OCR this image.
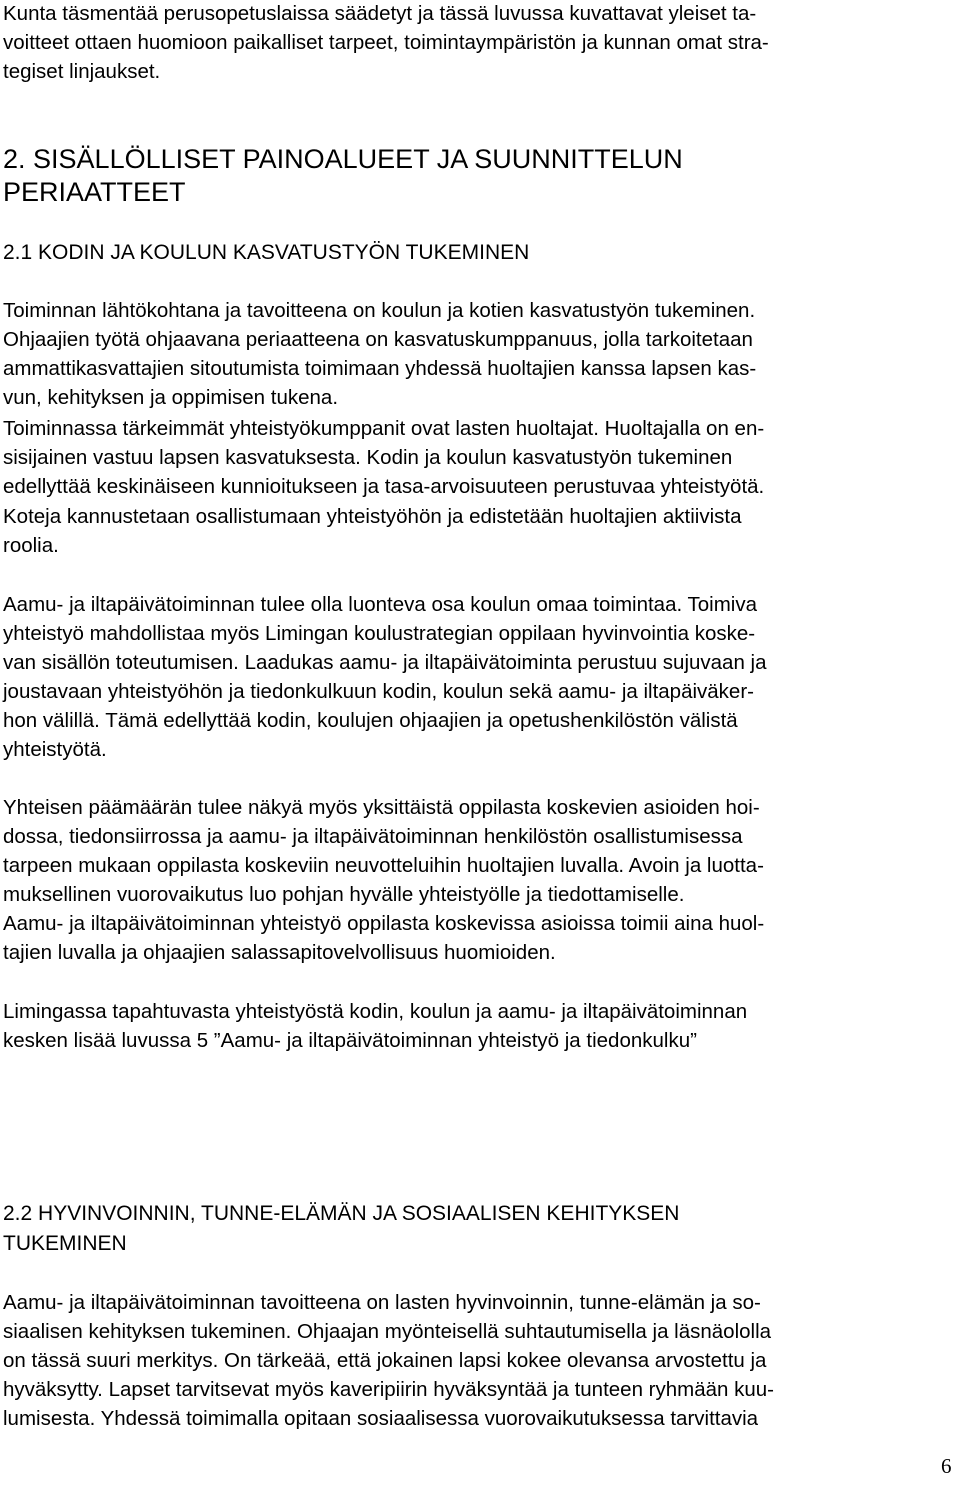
Kunta täsmentää perusopetuslaissa säädetyt ja tässä luvussa kuvattavat yleiset ta-
voitteet ottaen huomioon paikalliset tarpeet, toimintaympäristön ja kunnan omat stra-
tegiset linjaukset.
2. SISÄLLÖLLISET PAINOALUEET JA SUUNNITTELUN
PERIAATTEET
2.1 KODIN JA KOULUN KASVATUSTYÖN TUKEMINEN
Toiminnan lähtökohtana ja tavoitteena on koulun ja kotien kasvatustyön tukeminen.
Ohjaajien työtä ohjaavana periaatteena on kasvatuskumppanuus, jolla tarkoitetaan
ammattikasvattajien sitoutumista toimimaan yhdessä huoltajien kanssa lapsen kas-
vun, kehityksen ja oppimisen tukena.
Toiminnassa tärkeimmät yhteistyökumppanit ovat lasten huoltajat. Huoltajalla on en-
sisijainen vastuu lapsen kasvatuksesta. Kodin ja koulun kasvatustyön tukeminen
edellyttää keskinäiseen kunnioitukseen ja tasa-arvoisuuteen perustuvaa yhteistyötä.
Koteja kannustetaan osallistumaan yhteistyöhön ja edistetään huoltajien aktiivista
roolia.
Aamu- ja iltapäivätoiminnan tulee olla luonteva osa koulun omaa toimintaa. Toimiva
yhteistyö mahdollistaa myös Limingan koulustrategian oppilaan hyvinvointia koske-
van sisällön toteutumisen. Laadukas aamu- ja iltapäivätoiminta perustuu sujuvaan ja
joustavaan yhteistyöhön ja tiedonkulkuun kodin, koulun sekä aamu- ja iltapäiväker-
hon välillä. Tämä edellyttää kodin, koulujen ohjaajien ja opetushenkilöstön välistä
yhteistyötä.
Yhteisen päämäärän tulee näkyä myös yksittäistä oppilasta koskevien asioiden hoi-
dossa, tiedonsiirrossa ja aamu- ja iltapäivätoiminnan henkilöstön osallistumisessa
tarpeen mukaan oppilasta koskeviin neuvotteluihin huoltajien luvalla. Avoin ja luotta-
muksellinen vuorovaikutus luo pohjan hyvälle yhteistyölle ja tiedottamiselle.
Aamu- ja iltapäivätoiminnan yhteistyö oppilasta koskevissa asioissa toimii aina huol-
tajien luvalla ja ohjaajien salassapitovelvollisuus huomioiden.
Limingassa tapahtuvasta yhteistyöstä kodin, koulun ja aamu- ja iltapäivätoiminnan
kesken lisää luvussa 5 ”Aamu- ja iltapäivätoiminnan yhteistyö ja tiedonkulku”
2.2 HYVINVOINNIN, TUNNE-ELÄMÄN JA SOSIAALISEN KEHITYKSEN
TUKEMINEN
Aamu- ja iltapäivätoiminnan tavoitteena on lasten hyvinvoinnin, tunne-elämän ja so-
siaalisen kehityksen tukeminen. Ohjaajan myönteisellä suhtautumisella ja läsnäololla
on tässä suuri merkitys. On tärkeää, että jokainen lapsi kokee olevansa arvostettu ja
hyväksytty. Lapset tarvitsevat myös kaveripiirin hyväksyntää ja tunteen ryhmään kuu-
lumisesta. Yhdessä toimimalla opitaan sosiaalisessa vuorovaikutuksessa tarvittavia
6
